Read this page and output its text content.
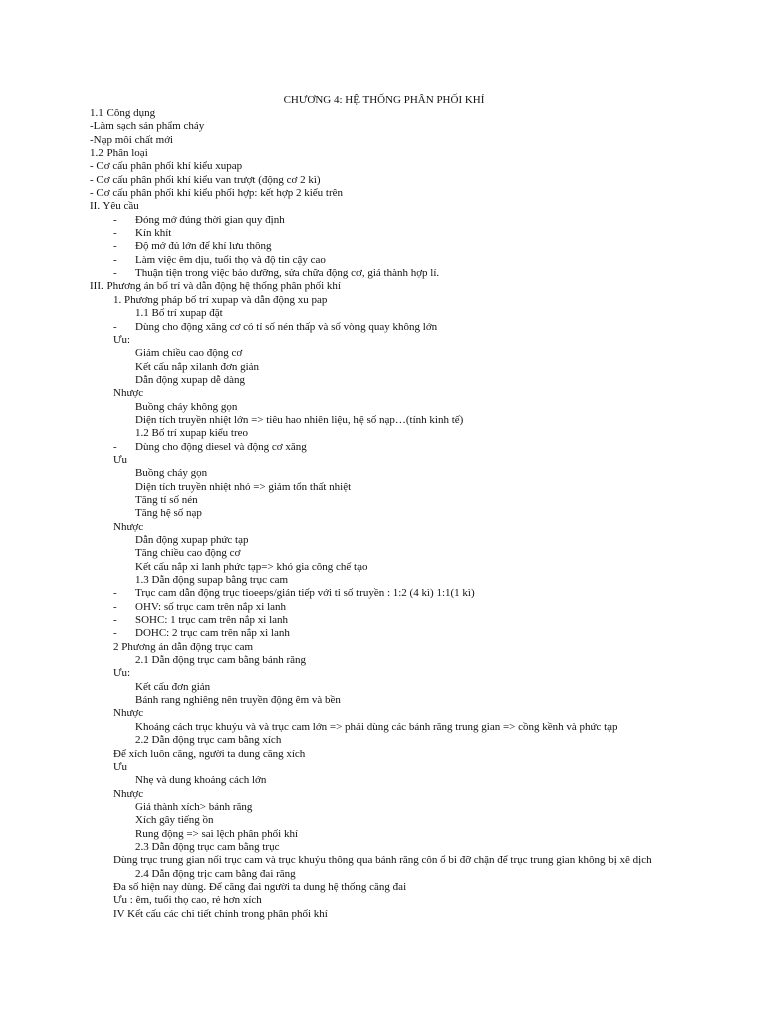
CHƯƠNG 4: HỆ THỐNG PHÂN PHỐI KHÍ
1.1 Công dụng
-Làm sạch sản phẩm cháy
-Nạp môi chất mới
1.2 Phân loại
- Cơ cấu phân phối khí kiểu xupap
- Cơ cấu phân phối khí kiểu van trượt (động cơ 2 kì)
- Cơ cấu phân phối khí kiểu phối hợp: kết hợp 2 kiểu trên
II. Yêu cầu
- Đóng mở đúng thời gian quy định
- Kín khít
- Độ mở đủ lớn để khí lưu thông
- Làm việc êm dịu, tuổi thọ và độ tin cậy cao
- Thuận tiện trong việc bảo dưỡng, sửa chữa động cơ, giá thành hợp lí.
III. Phương án bố trí và dẫn động hệ thống phân phối khí
1. Phương pháp bố trí xupap và dẫn động xu pap
1.1 Bố trí xupap đặt
- Dùng cho động xăng cơ có tỉ số nén thấp và số vòng quay không lớn
Ưu:
Giảm chiều cao động cơ
Kết cấu nắp xilanh đơn giản
Dẫn động xupap dễ dàng
Nhược
Buồng cháy không gọn
Diện tích truyền nhiệt lớn => tiêu hao nhiên liệu, hệ số nạp…(tính kinh tế)
1.2 Bố trí xupap kiểu treo
- Dùng cho động diesel và động cơ xăng
Ưu
Buồng cháy gọn
Diện tích truyền nhiệt nhỏ => giảm tổn thất nhiệt
Tăng tỉ số nén
Tăng hệ số nạp
Nhược
Dẫn động xupap phức tạp
Tăng chiều cao động cơ
Kết cấu nắp xi lanh phức tạp=> khó gia công chế tạo
1.3 Dẫn động supap bằng trục cam
- Trục cam dẫn động trục tioeeps/gián tiếp với tỉ số truyền : 1:2 (4 kì) 1:1(1 kì)
- OHV: số trục cam trên nắp xi lanh
- SOHC: 1 trục cam trên nắp xi lanh
- DOHC: 2 trục cam trên nắp xi lanh
2 Phương án dẫn động trục cam
2.1 Dẫn động trục cam bằng bánh răng
Ưu:
Kết cấu đơn giản
Bánh rang nghiêng nên truyền động êm và bền
Nhược
Khoảng cách trục khuỷu và và trục cam lớn => phải dùng các bánh răng trung gian => cồng kềnh và phức tạp
2.2 Dẫn động trục cam bằng xích
Để xích luôn căng, người ta dung căng xích
Ưu
Nhẹ và dung khoảng cách lớn
Nhược
Giá thành xích> bánh răng
Xích gây tiếng ồn
Rung động => sai lệch phân phối khí
2.3 Dẫn động trục cam bằng trục
Dùng trục trung gian nối trục cam và trục khuỷu thông qua bánh răng côn ổ bi đỡ chặn để trục trung gian không bị xê dịch
2.4 Dẫn động trịc cam bằng đai răng
Đa số hiện nay dùng. Để căng đai người ta dung hệ thống căng đai
Ưu : êm, tuổi thọ cao, rẻ hơn xích
IV Kết cấu các chi tiết chính trong phân phối khí
